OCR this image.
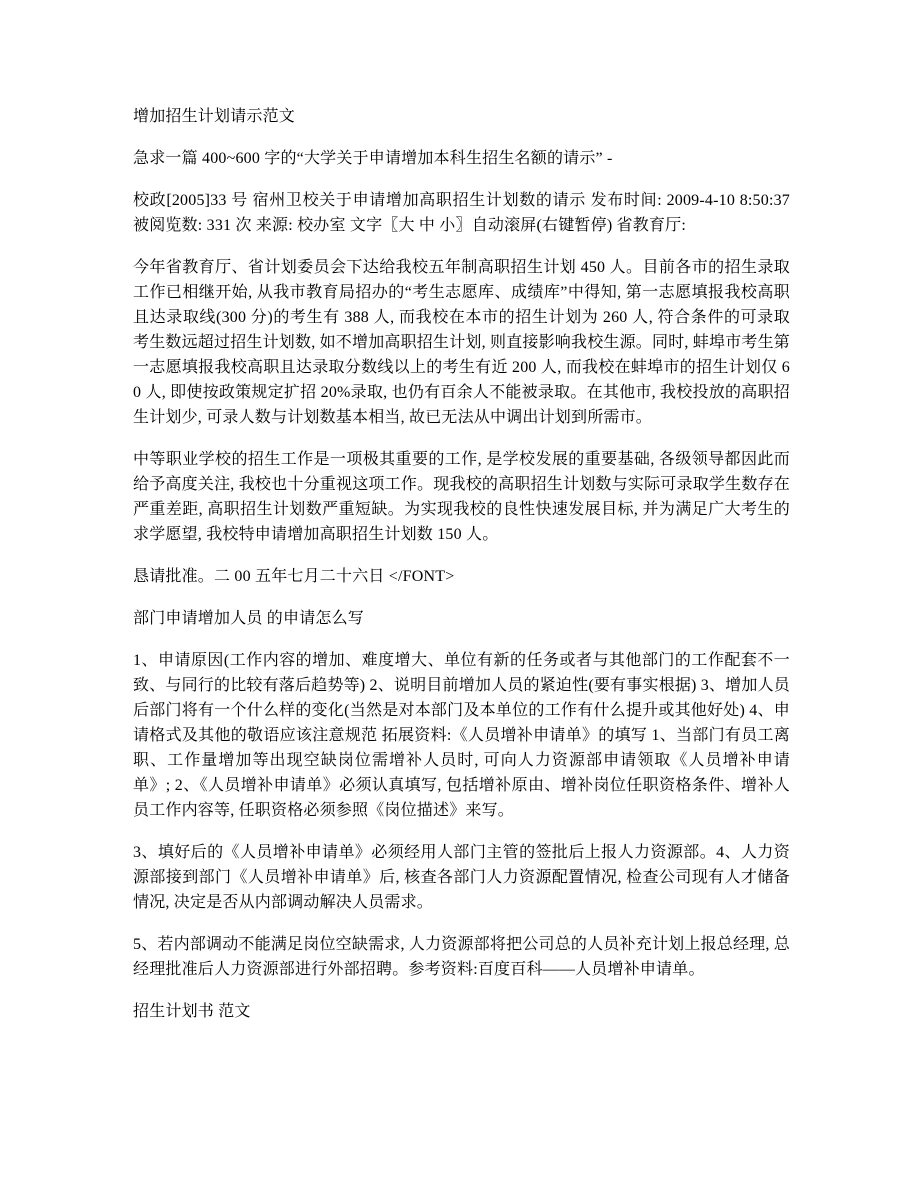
增加招生计划请示范文

急求一篇 400~600 字的“大学关于申请增加本科生招生名额的请示” -

校政[2005]33 号 宿州卫校关于申请增加高职招生计划数的请示 发布时间: 2009-4-10 8:50:37 被阅览数: 331 次 来源: 校办室 文字〖大 中 小〗自动滚屏(右键暂停) 省教育厅:

今年省教育厅、省计划委员会下达给我校五年制高职招生计划 450 人。目前各市的招生录取工作已相继开始, 从我市教育局招办的“考生志愿库、成绩库”中得知, 第一志愿填报我校高职且达录取线(300 分)的考生有 388 人, 而我校在本市的招生计划为 260 人, 符合条件的可录取考生数远超过招生计划数, 如不增加高职招生计划, 则直接影响我校生源。同时, 蚌埠市考生第一志愿填报我校高职且达录取分数线以上的考生有近 200 人, 而我校在蚌埠市的招生计划仅 60 人, 即使按政策规定扩招 20%录取, 也仍有百余人不能被录取。在其他市, 我校投放的高职招生计划少, 可录人数与计划数基本相当, 故已无法从中调出计划到所需市。

中等职业学校的招生工作是一项极其重要的工作, 是学校发展的重要基础, 各级领导都因此而给予高度关注, 我校也十分重视这项工作。现我校的高职招生计划数与实际可录取学生数存在严重差距, 高职招生计划数严重短缺。为实现我校的良性快速发展目标, 并为满足广大考生的求学愿望, 我校特申请增加高职招生计划数 150 人。

恳请批准。二 00 五年七月二十六日 </FONT>

部门申请增加人员 的申请怎么写

1、申请原因(工作内容的增加、难度增大、单位有新的任务或者与其他部门的工作配套不一致、与同行的比较有落后趋势等) 2、说明目前增加人员的紧迫性(要有事实根据) 3、增加人员后部门将有一个什么样的变化(当然是对本部门及本单位的工作有什么提升或其他好处) 4、申请格式及其他的敬语应该注意规范 拓展资料:《人员增补申请单》的填写 1、当部门有员工离职、工作量增加等出现空缺岗位需增补人员时, 可向人力资源部申请领取《人员增补申请单》; 2、《人员增补申请单》必须认真填写, 包括增补原由、增补岗位任职资格条件、增补人员工作内容等, 任职资格必须参照《岗位描述》来写。

3、填好后的《人员增补申请单》必须经用人部门主管的签批后上报人力资源部。4、人力资源部接到部门《人员增补申请单》后, 核查各部门人力资源配置情况, 检查公司现有人才储备情况, 决定是否从内部调动解决人员需求。

5、若内部调动不能满足岗位空缺需求, 人力资源部将把公司总的人员补充计划上报总经理, 总经理批准后人力资源部进行外部招聘。参考资料:百度百科——人员增补申请单。

招生计划书 范文
